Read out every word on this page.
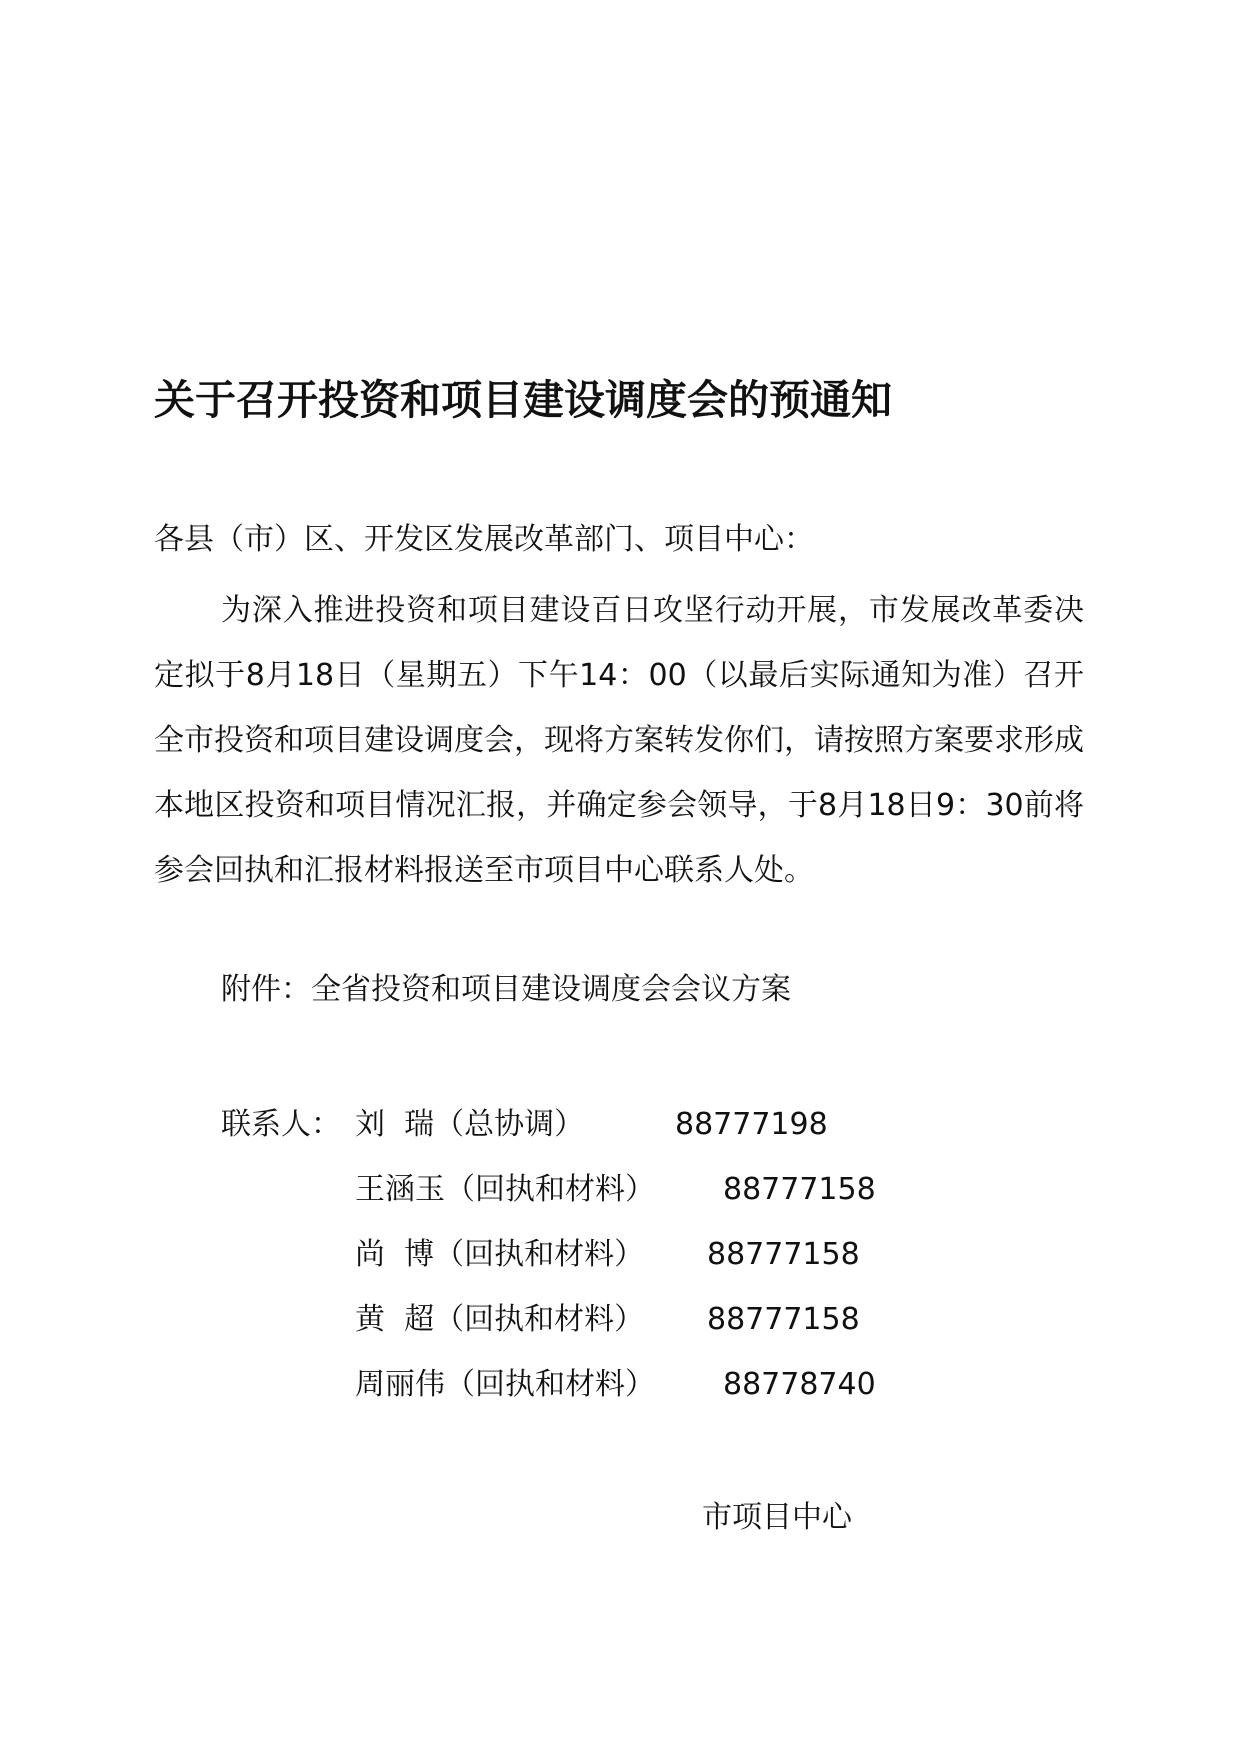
关于召开投资和项目建设调度会的预通知

各县（市）区、开发区发展改革部门、项目中心：

为深入推进投资和项目建设百日攻坚行动开展，市发展改革委决定拟于8月18日（星期五）下午14：00（以最后实际通知为准）召开全市投资和项目建设调度会，现将方案转发你们，请按照方案要求形成本地区投资和项目情况汇报，并确定参会领导，于8月18日9：30前将参会回执和汇报材料报送至市项目中心联系人处。

附件：全省投资和项目建设调度会会议方案

联系人： 刘  瑞（总协调）	88777198
王涵玉（回执和材料） 88777158
尚  博（回执和材料） 88777158
黄  超（回执和材料） 88777158
周丽伟（回执和材料） 88778740

市项目中心
